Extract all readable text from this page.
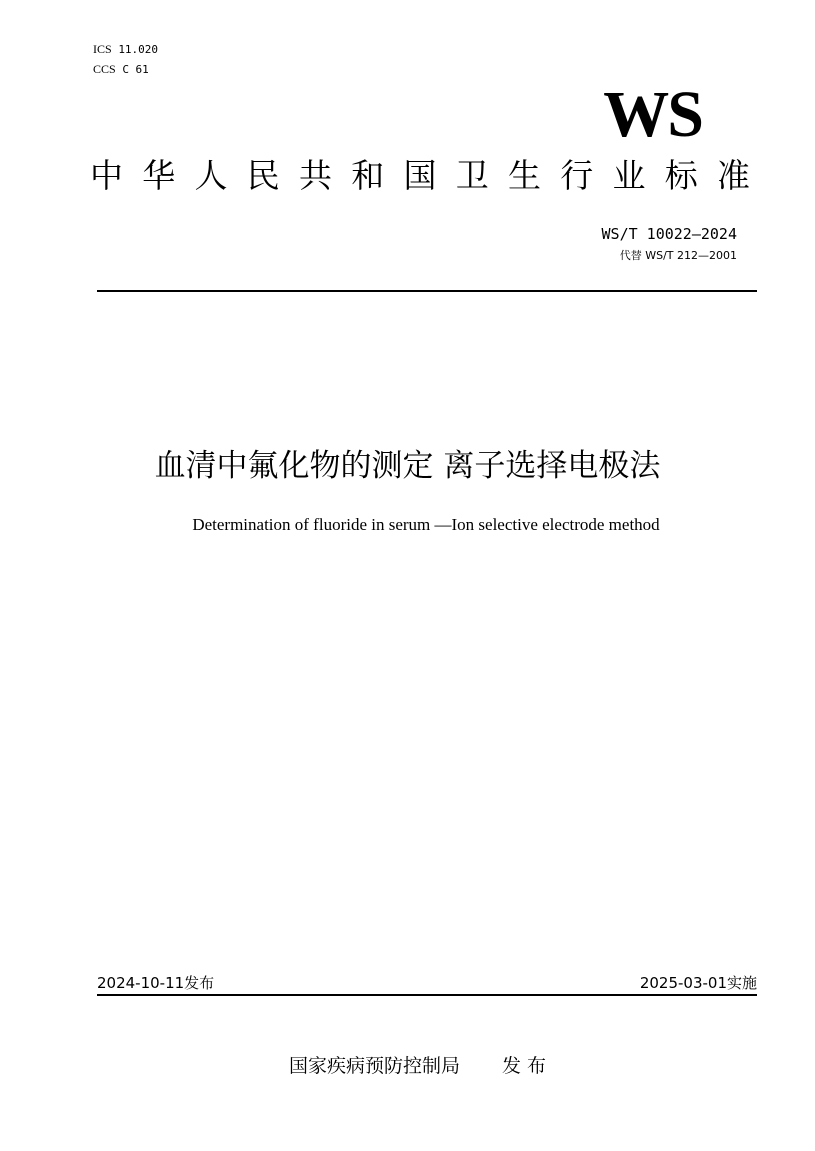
ICS 11.020
CCS C 61
WS
中 华 人 民 共 和 国 卫 生 行 业 标 准
WS/T 10022—2024
代替 WS/T 212—2001
血清中氟化物的测定 离子选择电极法
Determination of fluoride in serum —Ion selective electrode method
2024-10-11发布	2025-03-01实施
国家疾病预防控制局 发 布
